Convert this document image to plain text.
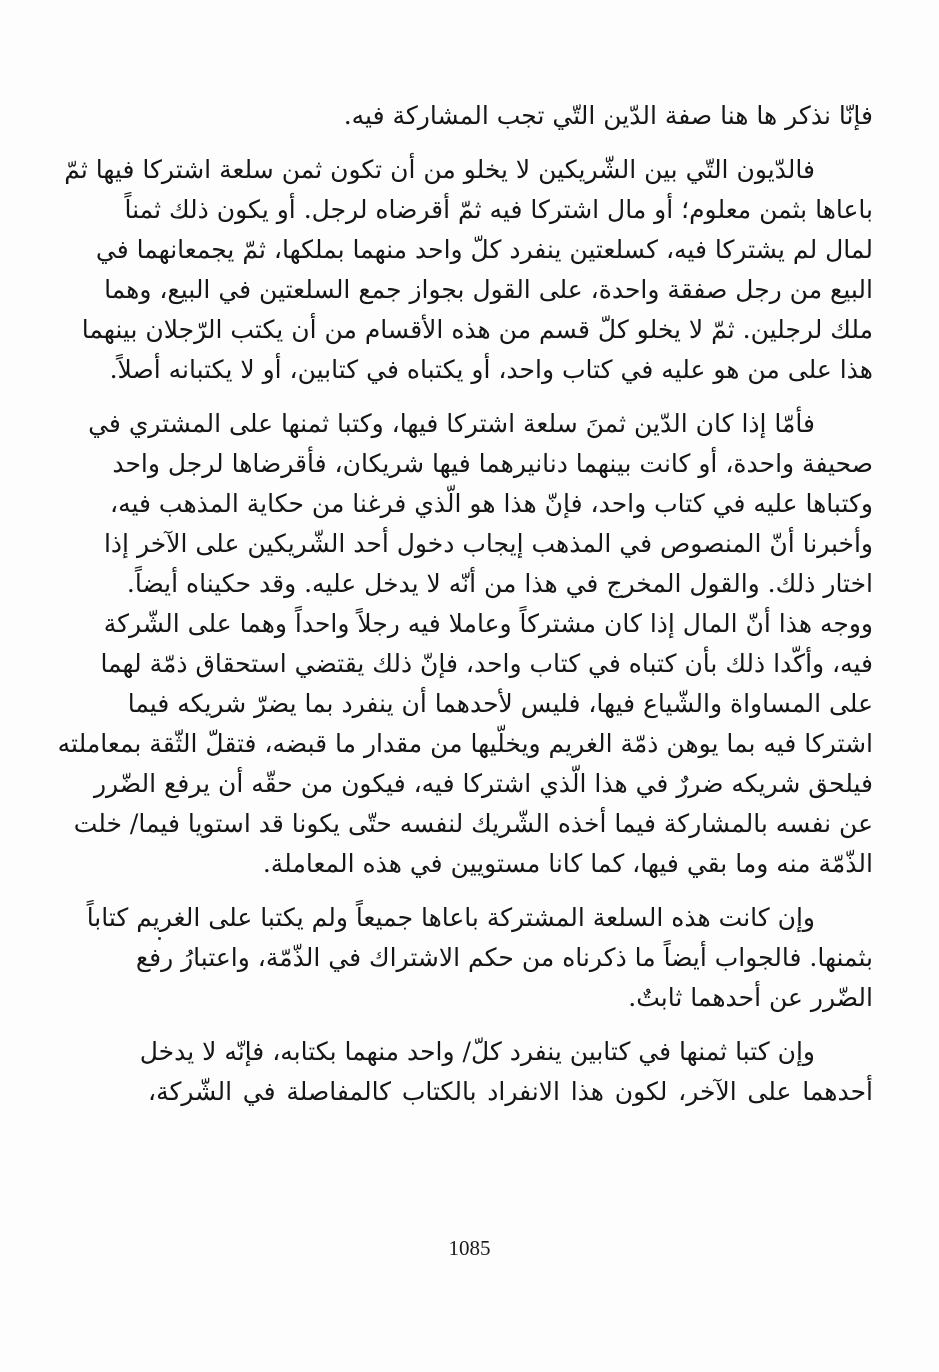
فإنّا نذكر ها هنا صفة الدّين التّي تجب المشاركة فيه.

فالدّيون التّي بين الشّريكين لا يخلو من أن تكون ثمن سلعة اشتركا فيها ثمّ
باعاها بثمن معلوم؛ أو مال اشتركا فيه ثمّ أقرضاه لرجل. أو يكون ذلك ثمناً
لمال لم يشتركا فيه، كسلعتين ينفرد كلّ واحد منهما بملكها، ثمّ يجمعانهما في
البيع من رجل صفقة واحدة، على القول بجواز جمع السلعتين في البيع، وهما
ملك لرجلين. ثمّ لا يخلو كلّ قسم من هذه الأقسام من أن يكتب الرّجلان بينهما
هذا على من هو عليه في كتاب واحد، أو يكتباه في كتابين، أو لا يكتبانه أصلاً.

فأمّا إذا كان الدّين ثمنَ سلعة اشتركا فيها، وكتبا ثمنها على المشتري في
صحيفة واحدة، أو كانت بينهما دنانيرهما فيها شريكان، فأقرضاها لرجل واحد
وكتباها عليه في كتاب واحد، فإنّ هذا هو الّذي فرغنا من حكاية المذهب فيه،
وأخبرنا أنّ المنصوص في المذهب إيجاب دخول أحد الشّريكين على الآخر إذا
اختار ذلك. والقول المخرج في هذا من أنّه لا يدخل عليه. وقد حكيناه أيضاً.
ووجه هذا أنّ المال إذا كان مشتركاً وعاملا فيه رجلاً واحداً وهما على الشّركة
فيه، وأكّدا ذلك بأن كتباه في كتاب واحد، فإنّ ذلك يقتضي استحقاق ذمّة لهما
على المساواة والشّياع فيها، فليس لأحدهما أن ينفرد بما يضرّ شريكه فيما
اشتركا فيه بما يوهن ذمّة الغريم ويخلّيها من مقدار ما قبضه، فتقلّ الثّقة بمعاملته
فيلحق شريكه ضررٌ في هذا الّذي اشتركا فيه، فيكون من حقّه أن يرفع الضّرر
عن نفسه بالمشاركة فيما أخذه الشّريك لنفسه حتّى يكونا قد استويا فيما/ خلت
الذّمّة منه وما بقي فيها، كما كانا مستويين في هذه المعاملة.

وإن كانت هذه السلعة المشتركة باعاها جميعاً ولم يكتبا على الغريم كتاباً
بثمنها. فالجواب أيضاً ما ذكرناه من حكم الاشتراك في الذّمّة، واعتبارُ رفع
الضّرر عن أحدهما ثابتٌ.

وإن كتبا ثمنها في كتابين ينفرد كلّ/ واحد منهما بكتابه، فإنّه لا يدخل
أحدهما على الآخر، لكون هذا الانفراد بالكتاب كالمفاصلة في الشّركة،

1085
